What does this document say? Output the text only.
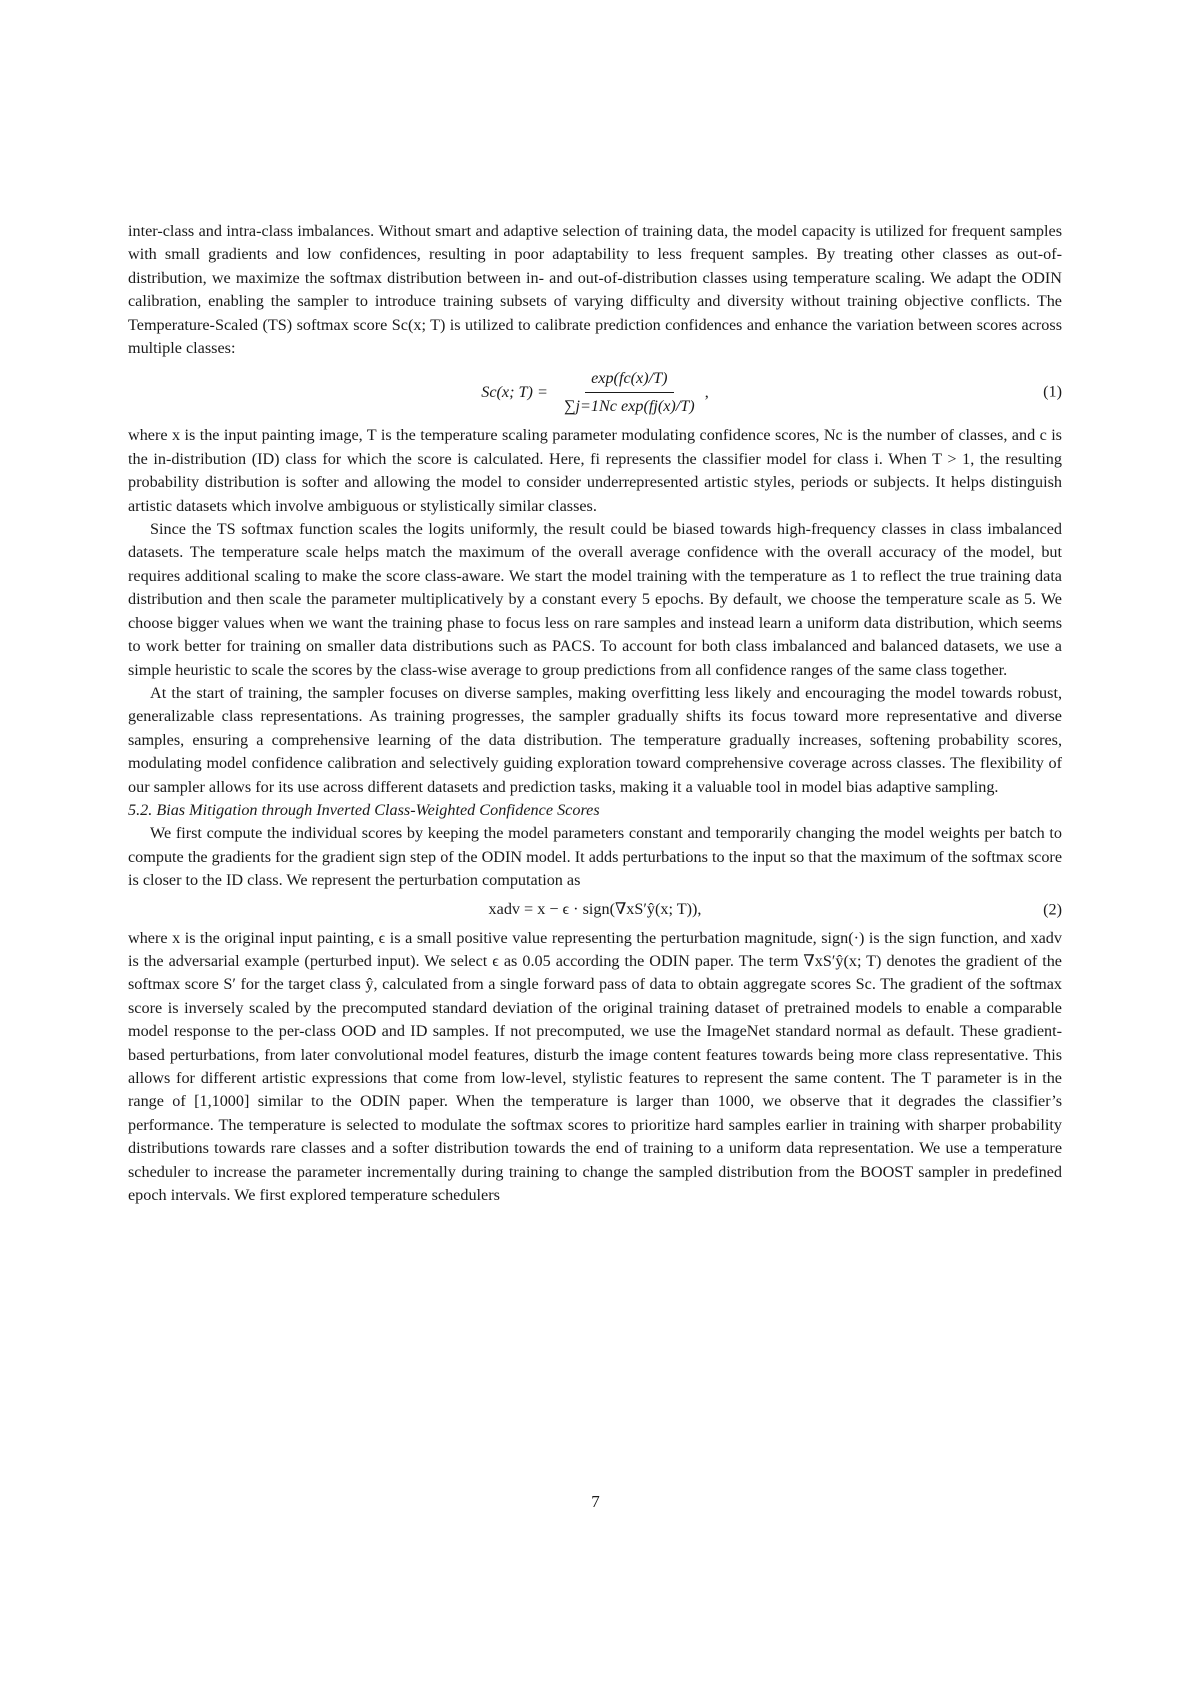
inter-class and intra-class imbalances. Without smart and adaptive selection of training data, the model capacity is utilized for frequent samples with small gradients and low confidences, resulting in poor adaptability to less frequent samples. By treating other classes as out-of-distribution, we maximize the softmax distribution between in- and out-of-distribution classes using temperature scaling. We adapt the ODIN calibration, enabling the sampler to introduce training subsets of varying difficulty and diversity without training objective conflicts. The Temperature-Scaled (TS) softmax score Sc(x; T) is utilized to calibrate prediction confidences and enhance the variation between scores across multiple classes:

Sc(x; $T) = \frac{\exp(fc(x)/T)}{\text{∑j=1Nc exp(fj(x)/T)}}$ ,	(1)

where x is the input painting image, T is the temperature scaling parameter modulating confidence scores, Nc is the number of classes, and c is the in-distribution (ID) class for which the score is calculated. Here, fi represents the classifier model for class i. When T > 1, the resulting probability distribution is softer and allowing the model to consider underrepresented artistic styles, periods or subjects. It helps distinguish artistic datasets which involve ambiguous or stylistically similar classes.

Since the TS softmax function scales the logits uniformly, the result could be biased towards high-frequency classes in class imbalanced datasets. The temperature scale helps match the maximum of the overall average confidence with the overall accuracy of the model, but requires additional scaling to make the score class-aware. We start the model training with the temperature as 1 to reflect the true training data distribution and then scale the parameter multiplicatively by a constant every 5 epochs. By default, we choose the temperature scale as 5. We choose bigger values when we want the training phase to focus less on rare samples and instead learn a uniform data distribution, which seems to work better for training on smaller data distributions such as PACS. To account for both class imbalanced and balanced datasets, we use a simple heuristic to scale the scores by the class-wise average to group predictions from all confidence ranges of the same class together.

At the start of training, the sampler focuses on diverse samples, making overfitting less likely and encouraging the model towards robust, generalizable class representations. As training progresses, the sampler gradually shifts its focus toward more representative and diverse samples, ensuring a comprehensive learning of the data distribution. The temperature gradually increases, softening probability scores, modulating model confidence calibration and selectively guiding exploration toward comprehensive coverage across classes. The flexibility of our sampler allows for its use across different datasets and prediction tasks, making it a valuable tool in model bias adaptive sampling.

5.2. Bias Mitigation through Inverted Class-Weighted Confidence Scores

We first compute the individual scores by keeping the model parameters constant and temporarily changing the model weights per batch to compute the gradients for the gradient sign step of the ODIN model. It adds perturbations to the input so that the maximum of the softmax score is closer to the ID class. We represent the perturbation computation as

xadv = x − ϵ · sign(∇xS′ŷ(x; T)),	(2)

where x is the original input painting, ϵ is a small positive value representing the perturbation magnitude, sign(·) is the sign function, and xadv is the adversarial example (perturbed input). We select ϵ as 0.05 according the ODIN paper. The term ∇xS′ŷ(x; T) denotes the gradient of the softmax score S′ for the target class ŷ, calculated from a single forward pass of data to obtain aggregate scores Sc. The gradient of the softmax score is inversely scaled by the precomputed standard deviation of the original training dataset of pretrained models to enable a comparable model response to the per-class OOD and ID samples. If not precomputed, we use the ImageNet standard normal as default. These gradient-based perturbations, from later convolutional model features, disturb the image content features towards being more class representative. This allows for different artistic expressions that come from low-level, stylistic features to represent the same content. The T parameter is in the range of [1,1000] similar to the ODIN paper. When the temperature is larger than 1000, we observe that it degrades the classifier’s performance. The temperature is selected to modulate the softmax scores to prioritize hard samples earlier in training with sharper probability distributions towards rare classes and a softer distribution towards the end of training to a uniform data representation. We use a temperature scheduler to increase the parameter incrementally during training to change the sampled distribution from the BOOST sampler in predefined epoch intervals. We first explored temperature schedulers

7
